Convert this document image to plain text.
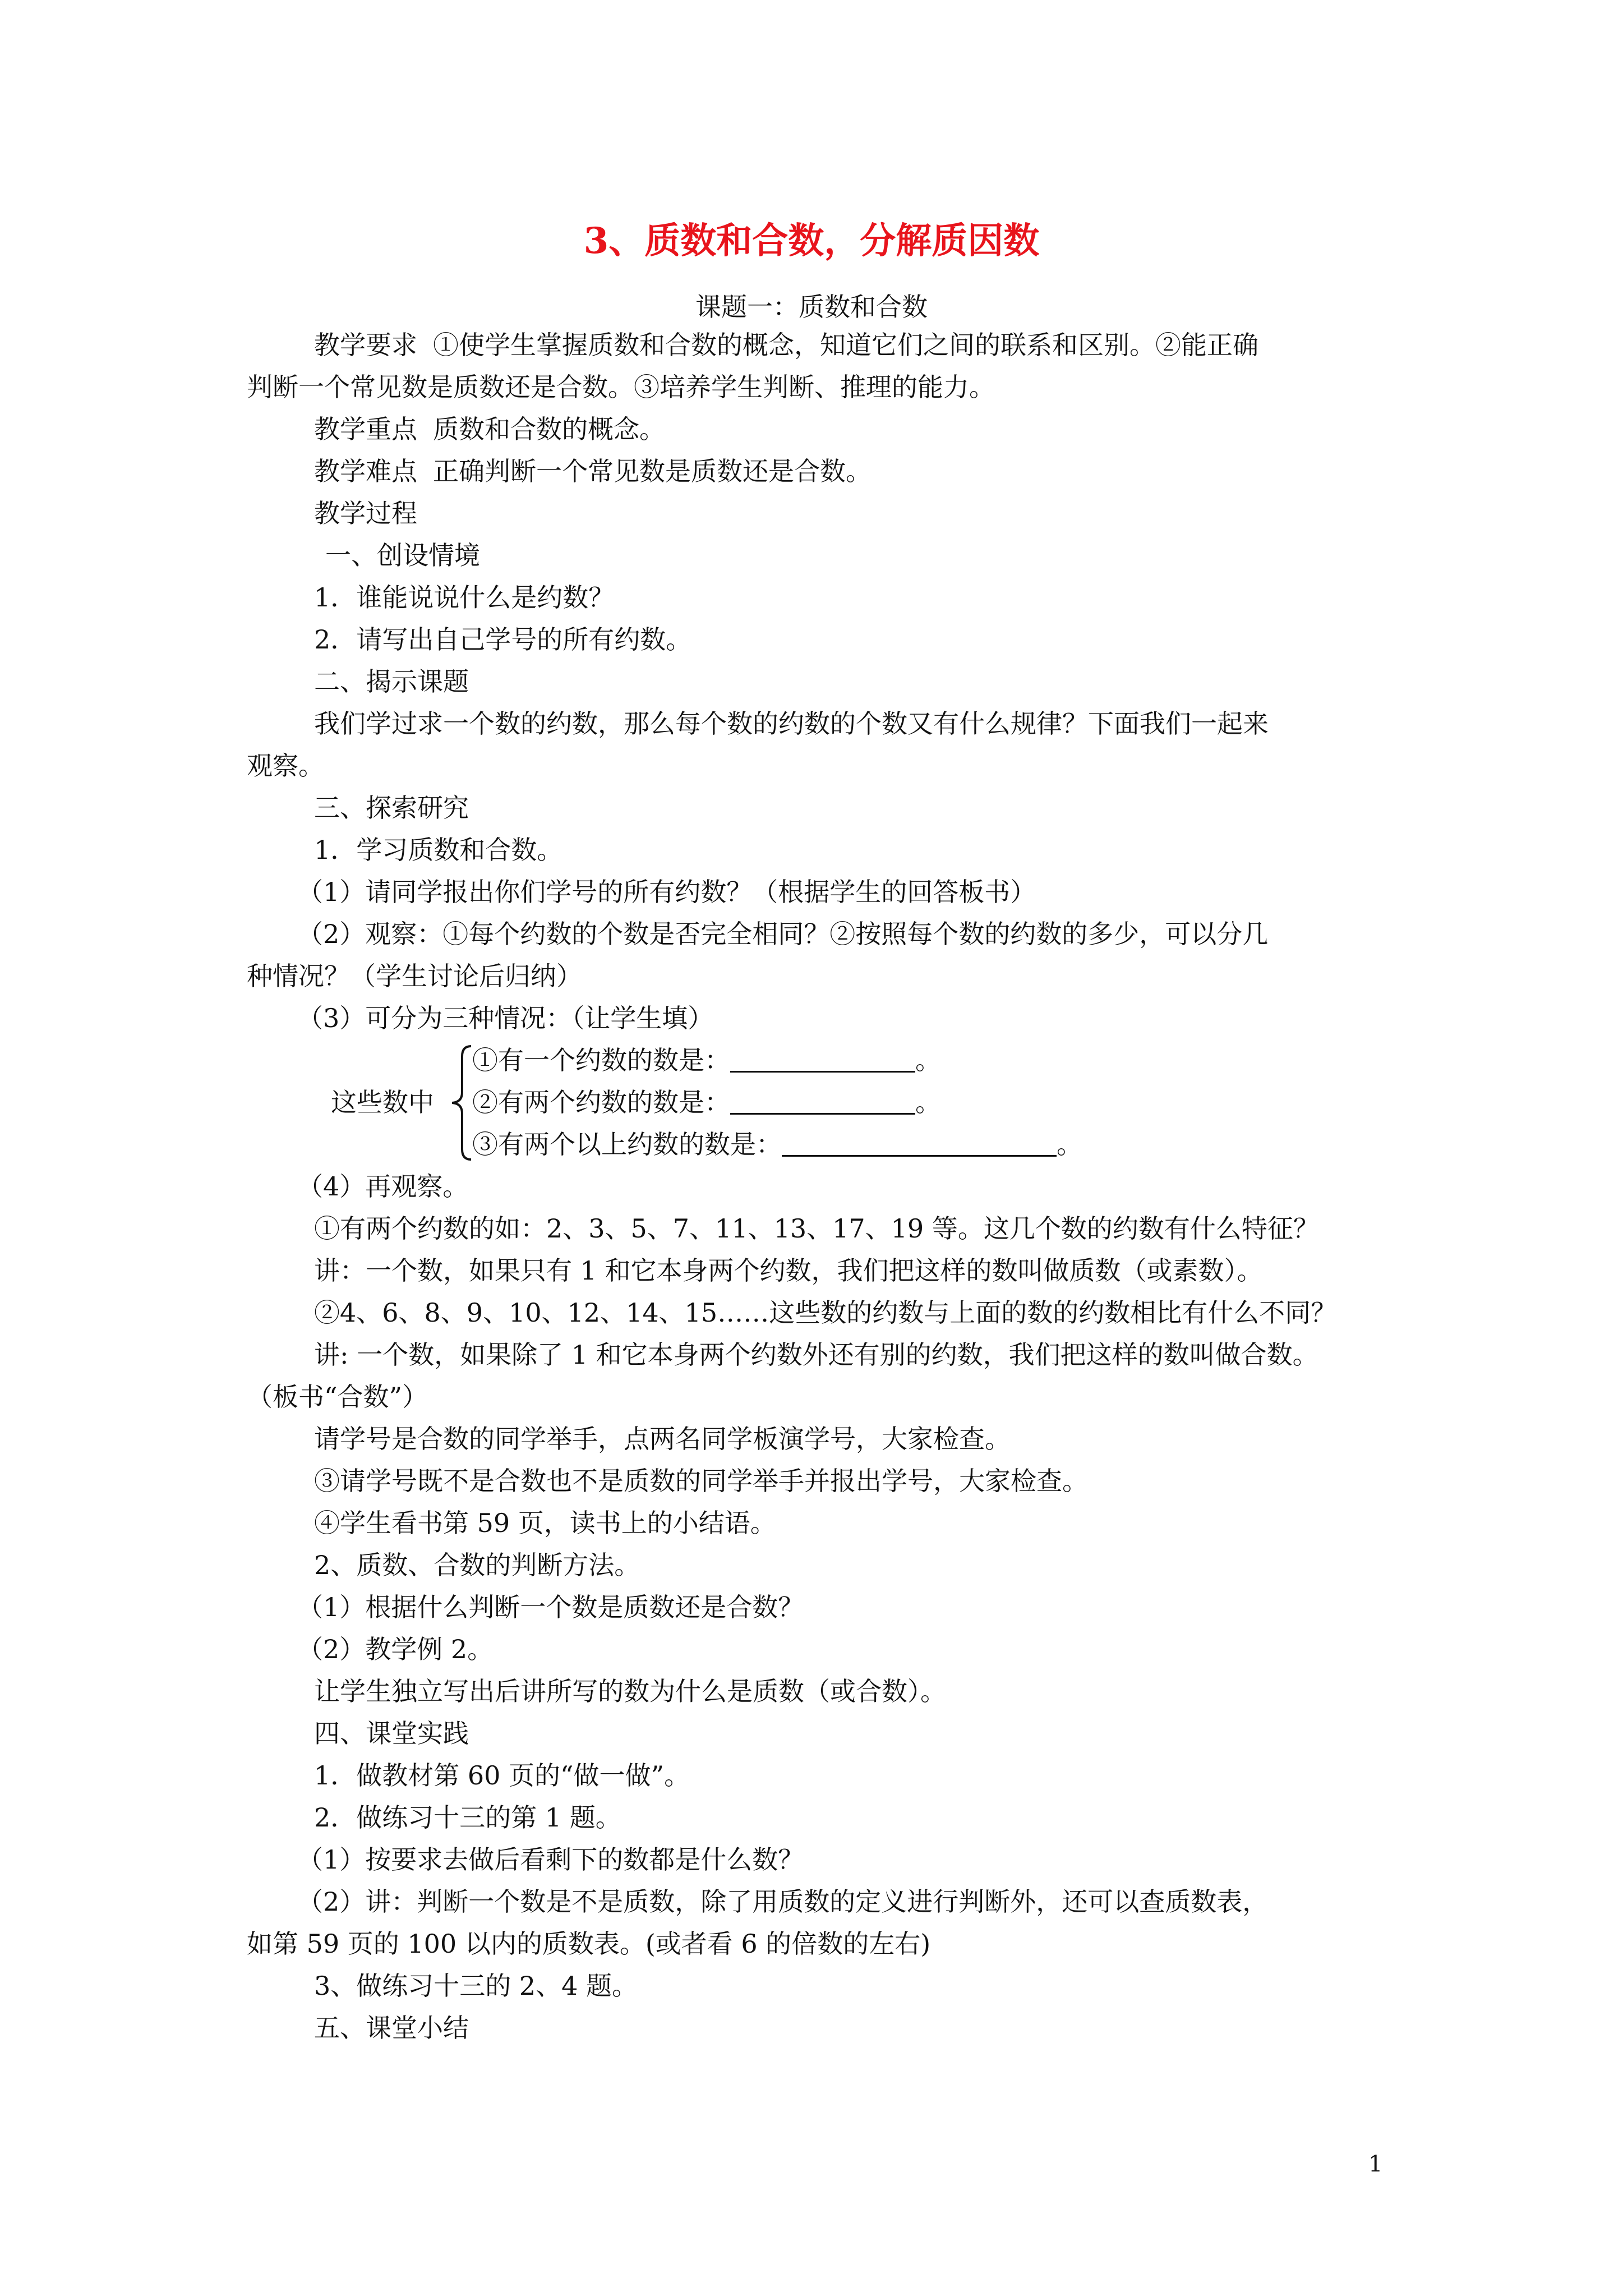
3、质数和合数，分解质因数
课题一：质数和合数

教学要求 ①使学生掌握质数和合数的概念，知道它们之间的联系和区别。②能正确

判断一个常见数是质数还是合数。③培养学生判断、推理的能力。

教学重点 质数和合数的概念。

教学难点 正确判断一个常见数是质数还是合数。

教学过程

一、创设情境

1．谁能说说什么是约数？

2．请写出自己学号的所有约数。

二、揭示课题

我们学过求一个数的约数，那么每个数的约数的个数又有什么规律？下面我们一起来

观察。

三、探索研究

1．学习质数和合数。

（1）请同学报出你们学号的所有约数？（根据学生的回答板书）

（2）观察：①每个约数的个数是否完全相同？②按照每个数的约数的多少，可以分几

种情况？（学生讨论后归纳）

（3）可分为三种情况：（让学生填）

这些数中

①有一个约数的数是：	。

②有两个约数的数是：	。

③有两个以上约数的数是：	。

（4）再观察。

①有两个约数的如：2、3、5、7、11、13、17、19 等。这几个数的约数有什么特征？

讲：一个数，如果只有 1 和它本身两个约数，我们把这样的数叫做质数（或素数）。

②4、6、8、9、10、12、14、15……这些数的约数与上面的数的约数相比有什么不同？

讲: 一个数，如果除了 1 和它本身两个约数外还有别的约数，我们把这样的数叫做合数。

（板书“合数”）

请学号是合数的同学举手，点两名同学板演学号，大家检查。

③请学号既不是合数也不是质数的同学举手并报出学号，大家检查。

④学生看书第 59 页，读书上的小结语。

2、质数、合数的判断方法。

（1）根据什么判断一个数是质数还是合数？

（2）教学例 2。

让学生独立写出后讲所写的数为什么是质数（或合数）。

四、课堂实践

1．做教材第 60 页的“做一做”。

2．做练习十三的第 1 题。

（1）按要求去做后看剩下的数都是什么数？

（2）讲：判断一个数是不是质数，除了用质数的定义进行判断外，还可以查质数表，

如第 59 页的 100 以内的质数表。(或者看 6 的倍数的左右)

3、做练习十三的 2、4 题。

五、课堂小结

1
